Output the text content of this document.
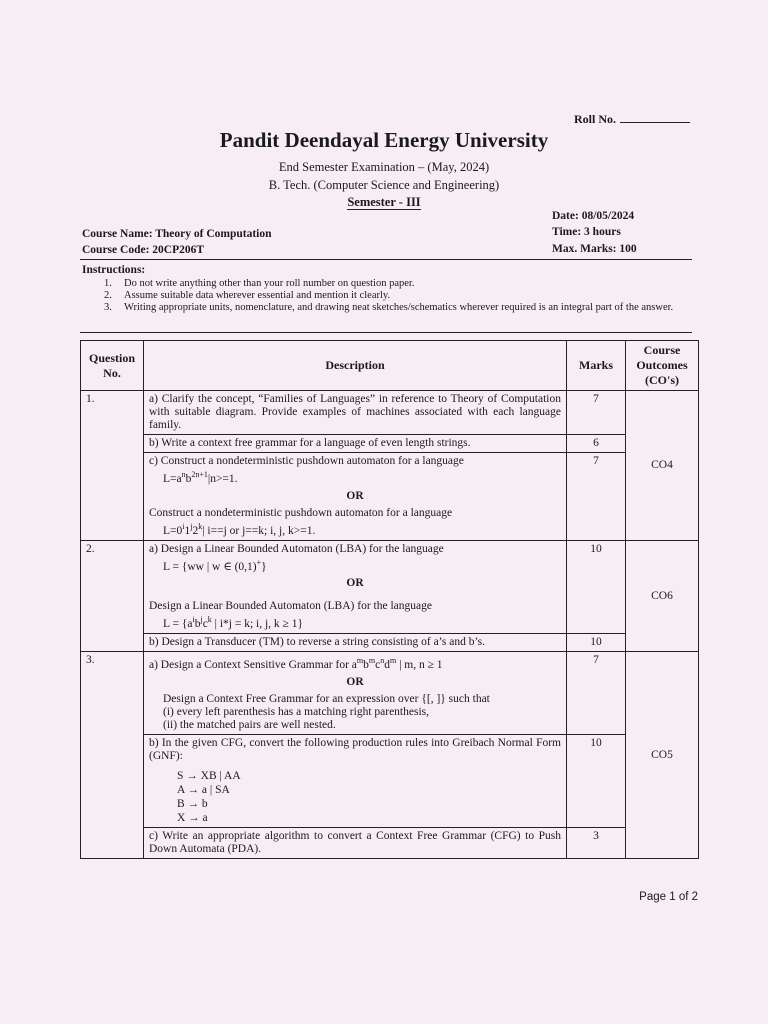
Roll No.
Pandit Deendayal Energy University
End Semester Examination – (May, 2024)
B. Tech. (Computer Science and Engineering)
Semester - III
Date: 08/05/2024
Course Name: Theory of Computation	Time: 3 hours
Course Code: 20CP206T	Max. Marks: 100
Instructions:
1. Do not write anything other than your roll number on question paper.
2. Assume suitable data wherever essential and mention it clearly.
3. Writing appropriate units, nomenclature, and drawing neat sketches/schematics wherever required is an integral part of the answer.
Question No.	Description	Marks	Course Outcomes (CO's)
1.	a) Clarify the concept, “Families of Languages” in reference to Theory of Computation with suitable diagram. Provide examples of machines associated with each language family.	7	CO4
	b) Write a context free grammar for a language of even length strings.	6	

	c) Construct a nondeterministic pushdown automaton for a language
$L=a^nb^{2n+1}|n>=1$.
OR
Construct a nondeterministic pushdown automaton for a language
$L=0^i1^j2^k|$ i==j or j==k; i, j, k>=1.	7	
2.	a) Design a Linear Bounded Automaton (LBA) for the language
L = {ww | w ∈ (0,1)+}
OR
Design a Linear Bounded Automaton (LBA) for the language
$L = \{a^ib^jc^k$ | i*j = k; i, j, k ≥ 1}	10	CO6
	b) Design a Transducer (TM) to reverse a string consisting of a’s and b’s.	10	
3.	a) Design a Context Sensitive Grammar for $a^mb^mc^nd^m$ | m, n ≥ 1
OR
Design a Context Free Grammar for an expression over {[, ]} such that
(i) every left parenthesis has a matching right parenthesis,
(ii) the matched pairs are well nested.	7	CO5

	b) In the given CFG, convert the following production rules into Greibach Normal Form (GNF):
S → XB | AA
A → a | SA
B → b
X → a	10	
	c) Write an appropriate algorithm to convert a Context Free Grammar (CFG) to Push Down Automata (PDA).	3	
Page 1 of 2
